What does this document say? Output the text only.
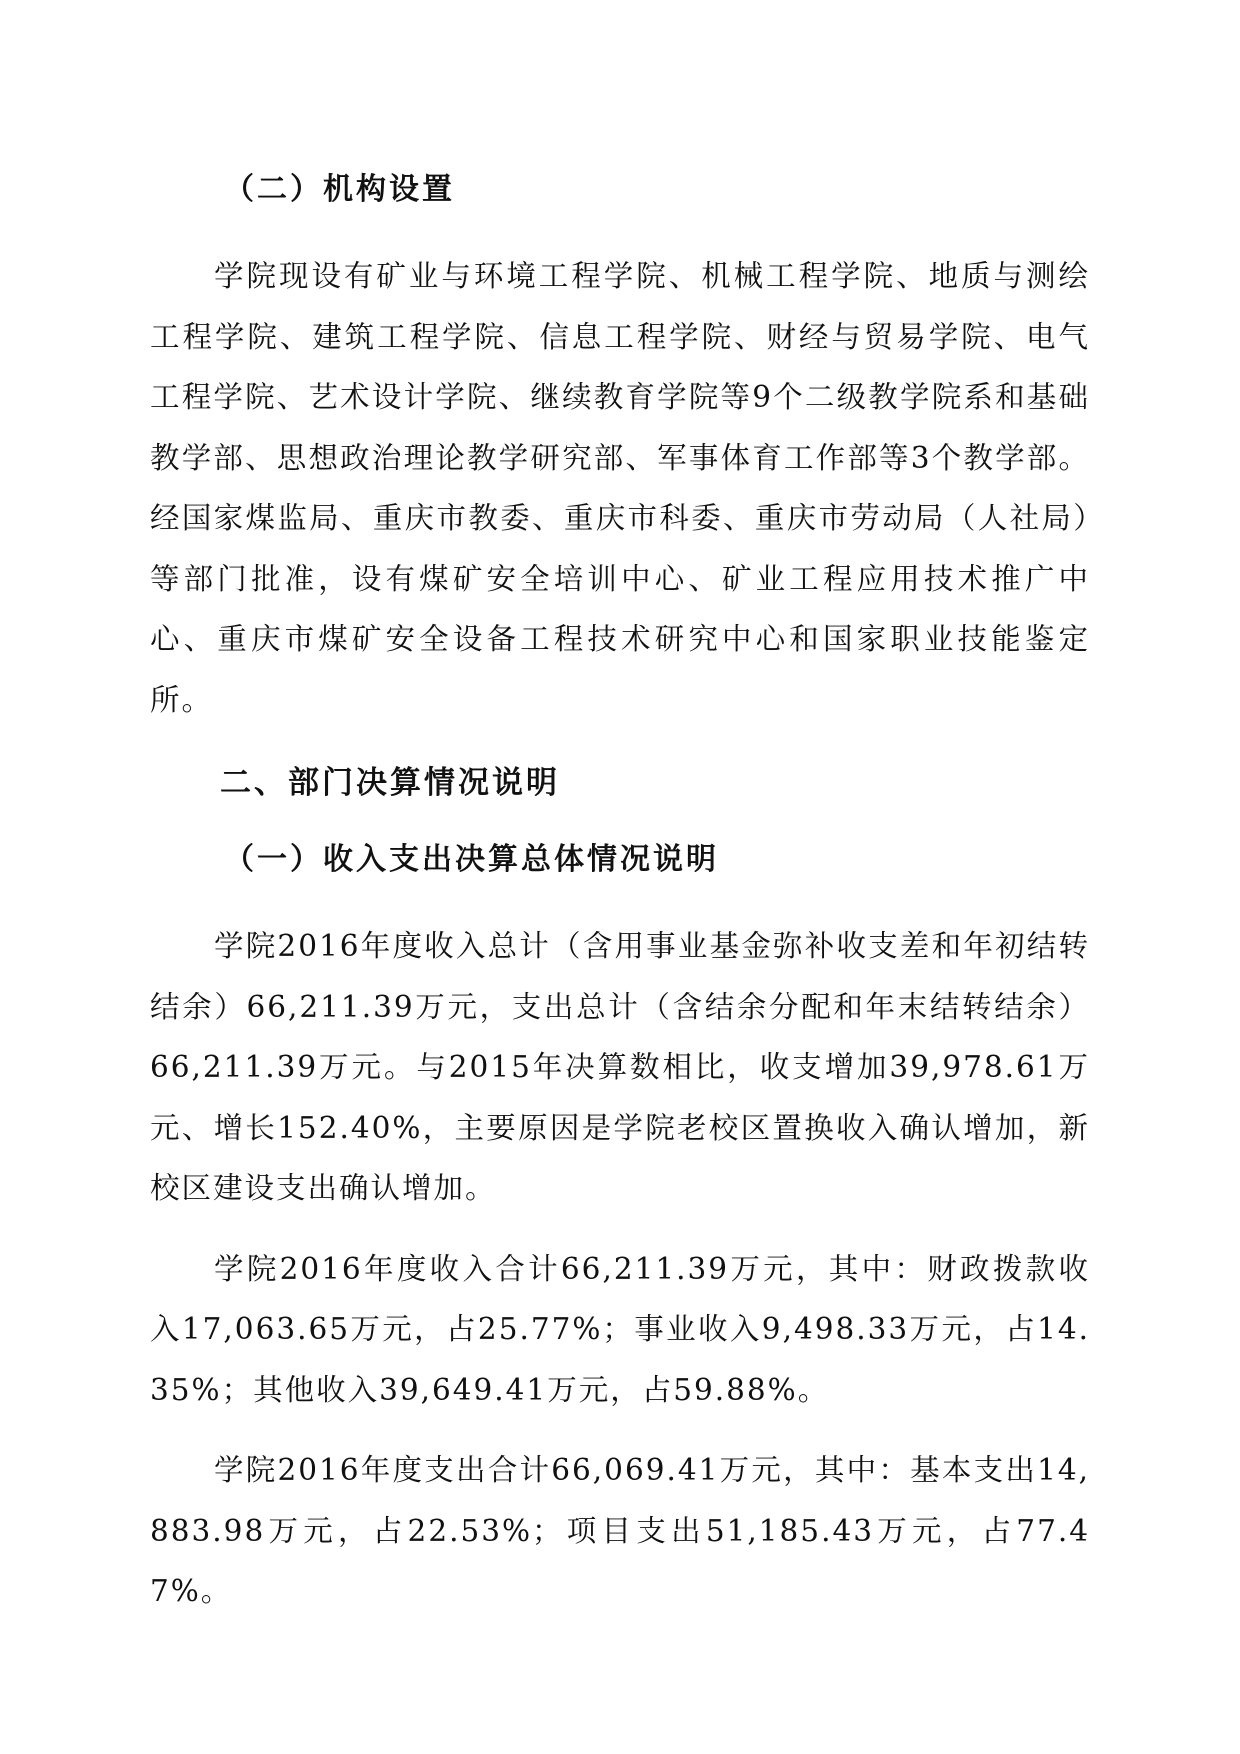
（二）机构设置

学院现设有矿业与环境工程学院、机械工程学院、地质与测绘工程学院、建筑工程学院、信息工程学院、财经与贸易学院、电气工程学院、艺术设计学院、继续教育学院等9个二级教学院系和基础教学部、思想政治理论教学研究部、军事体育工作部等3个教学部。经国家煤监局、重庆市教委、重庆市科委、重庆市劳动局（人社局）等部门批准，设有煤矿安全培训中心、矿业工程应用技术推广中心、重庆市煤矿安全设备工程技术研究中心和国家职业技能鉴定所。

二、部门决算情况说明
（一）收入支出决算总体情况说明

学院2016年度收入总计（含用事业基金弥补收支差和年初结转结余）66,211.39万元，支出总计（含结余分配和年末结转结余）66,211.39万元。与2015年决算数相比，收支增加39,978.61万元、增长152.40%，主要原因是学院老校区置换收入确认增加，新校区建设支出确认增加。

学院2016年度收入合计66,211.39万元，其中：财政拨款收入17,063.65万元，占25.77%；事业收入9,498.33万元，占14.35%；其他收入39,649.41万元，占59.88%。

学院2016年度支出合计66,069.41万元，其中：基本支出14,883.98万元，占22.53%；项目支出51,185.43万元，占77.47%。
